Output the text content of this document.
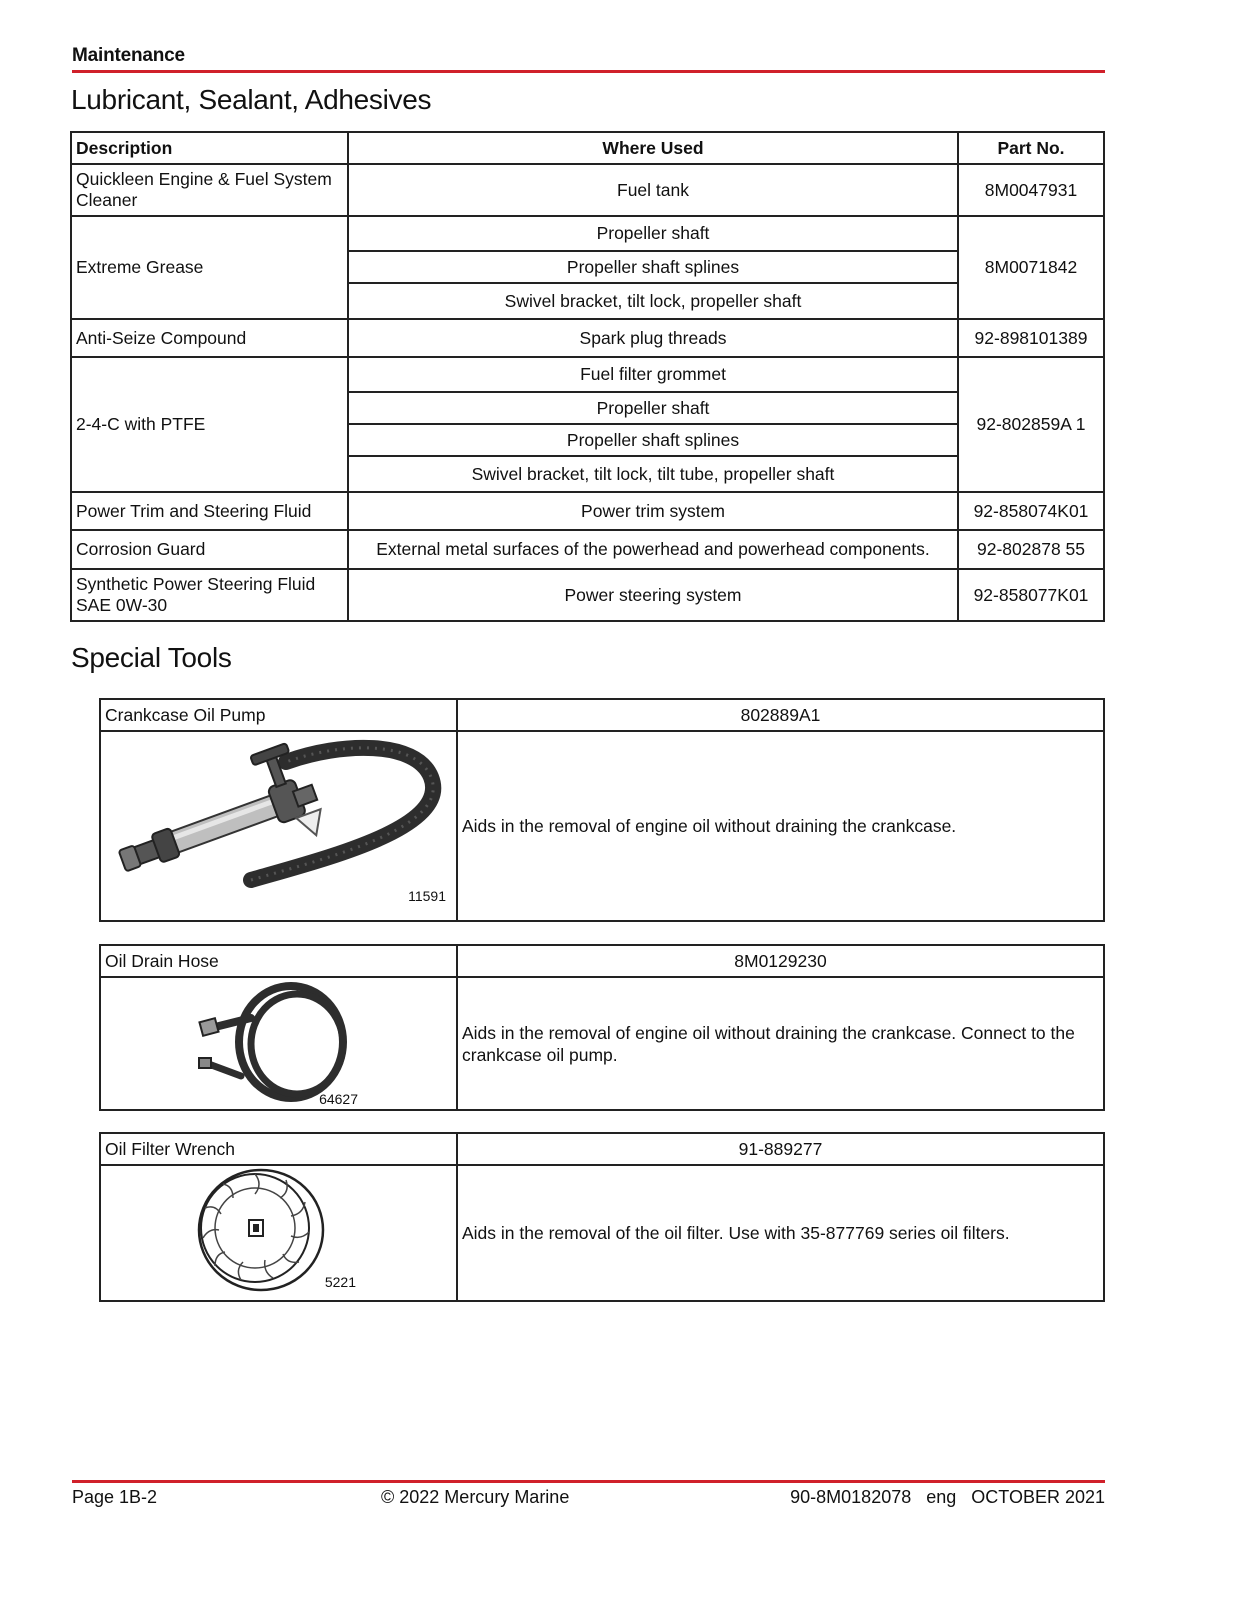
Maintenance
Lubricant, Sealant, Adhesives
Description	Where Used	Part No.
Quickleen Engine & Fuel System Cleaner	Fuel tank	8M0047931
Extreme Grease	Propeller shaft	8M0071842
	Propeller shaft splines	
	Swivel bracket, tilt lock, propeller shaft	
Anti-Seize Compound	Spark plug threads	92-898101389
2-4-C with PTFE	Fuel filter grommet	92-802859A 1
	Propeller shaft	
	Propeller shaft splines	
	Swivel bracket, tilt lock, tilt tube, propeller shaft	
Power Trim and Steering Fluid	Power trim system	92-858074K01
Corrosion Guard	External metal surfaces of the powerhead and powerhead components.	92-802878 55
Synthetic Power Steering Fluid SAE 0W-30	Power steering system	92-858077K01
Special Tools
Crankcase Oil Pump	802889A1

11591	Aids in the removal of engine oil without draining the crankcase.
Oil Drain Hose	8M0129230

64627	Aids in the removal of engine oil without draining the crankcase. Connect to the crankcase oil pump.
Oil Filter Wrench	91-889277

5221	Aids in the removal of the oil filter. Use with 35-877769 series oil filters.
Page 1B-2	© 2022 Mercury Marine	90-8M0182078   eng   OCTOBER 2021
